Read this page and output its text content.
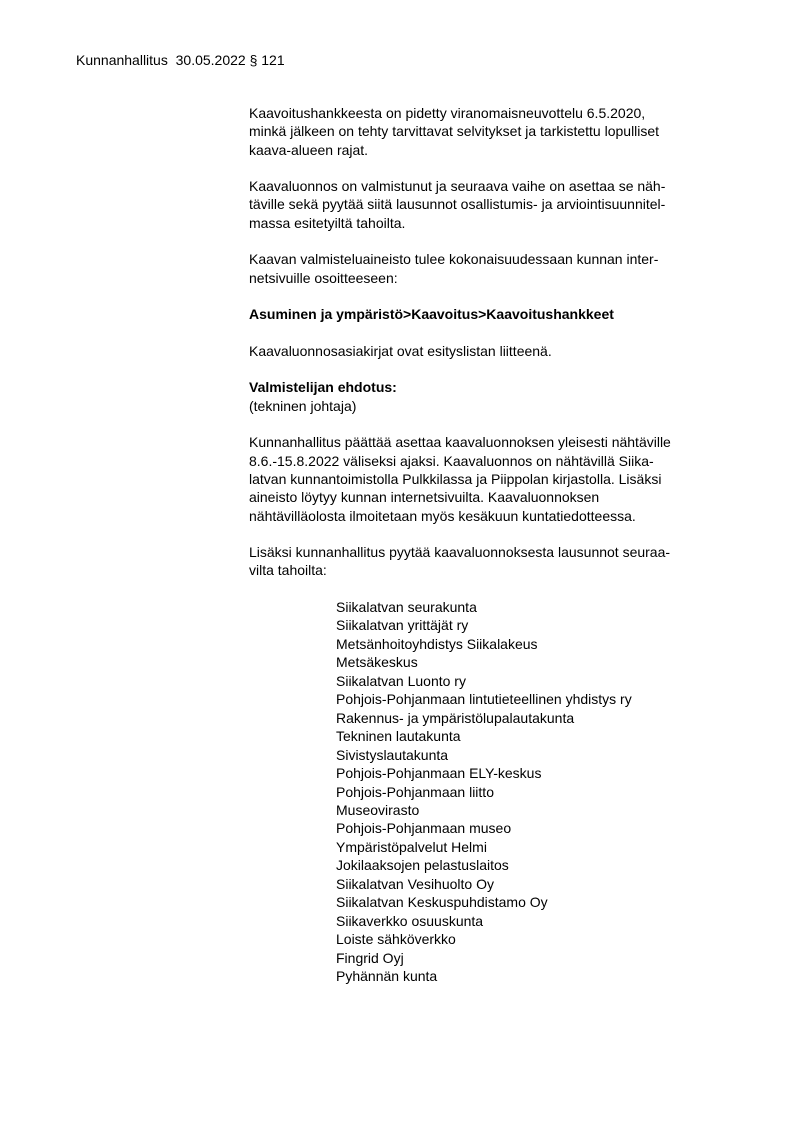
Kunnanhallitus  30.05.2022 § 121

Kaavoitushankkeesta on pidetty viranomaisneuvottelu 6.5.2020,
minkä jälkeen on tehty tarvittavat selvitykset ja tarkistettu lopulliset
kaava-alueen rajat.

Kaavaluonnos on valmistunut ja seuraava vaihe on asettaa se näh-
täville sekä pyytää siitä lausunnot osallistumis- ja arviointisuunnitel-
massa esitetyiltä tahoilta.

Kaavan valmisteluaineisto tulee kokonaisuudessaan kunnan inter-
netsivuille osoitteeseen:

Asuminen ja ympäristö>Kaavoitus>Kaavoitushankkeet

Kaavaluonnosasiakirjat ovat esityslistan liitteenä.

Valmistelijan ehdotus:

(tekninen johtaja)

Kunnanhallitus päättää asettaa kaavaluonnoksen yleisesti nähtäville
8.6.-15.8.2022 väliseksi ajaksi. Kaavaluonnos on nähtävillä Siika-
latvan kunnantoimistolla Pulkkilassa ja Piippolan kirjastolla. Lisäksi
aineisto löytyy kunnan internetsivuilta. Kaavaluonnoksen
nähtävilläolosta ilmoitetaan myös kesäkuun kuntatiedotteessa.

Lisäksi kunnanhallitus pyytää kaavaluonnoksesta lausunnot seuraa-
vilta tahoilta:

Siikalatvan seurakunta
Siikalatvan yrittäjät ry
Metsänhoitoyhdistys Siikalakeus
Metsäkeskus
Siikalatvan Luonto ry
Pohjois-Pohjanmaan lintutieteellinen yhdistys ry
Rakennus- ja ympäristölupalautakunta
Tekninen lautakunta
Sivistyslautakunta
Pohjois-Pohjanmaan ELY-keskus
Pohjois-Pohjanmaan liitto
Museovirasto
Pohjois-Pohjanmaan museo
Ympäristöpalvelut Helmi
Jokilaaksojen pelastuslaitos
Siikalatvan Vesihuolto Oy
Siikalatvan Keskuspuhdistamo Oy
Siikaverkko osuuskunta
Loiste sähköverkko
Fingrid Oyj
Pyhännän kunta
